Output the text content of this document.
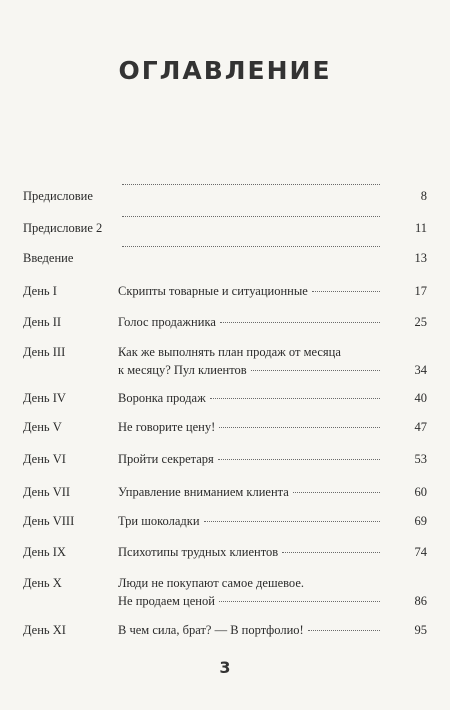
ОГЛАВЛЕНИЕ
Предисловие	8
Предисловие 2	11
Введение	13
День I	Скрипты товарные и ситуационные	17
День II	Голос продажника	25
День III	Как же выполнять план продаж от месяца
к месяцу? Пул клиентов	34
День IV	Воронка продаж	40
День V	Не говорите цену!	47
День VI	Пройти секретаря	53
День VII	Управление вниманием клиента	60
День VIII	Три шоколадки	69
День IX	Психотипы трудных клиентов	74
День X	Люди не покупают самое дешевое.
Не продаем ценой	86
День XI	В чем сила, брат? — В портфолио!	95
3
